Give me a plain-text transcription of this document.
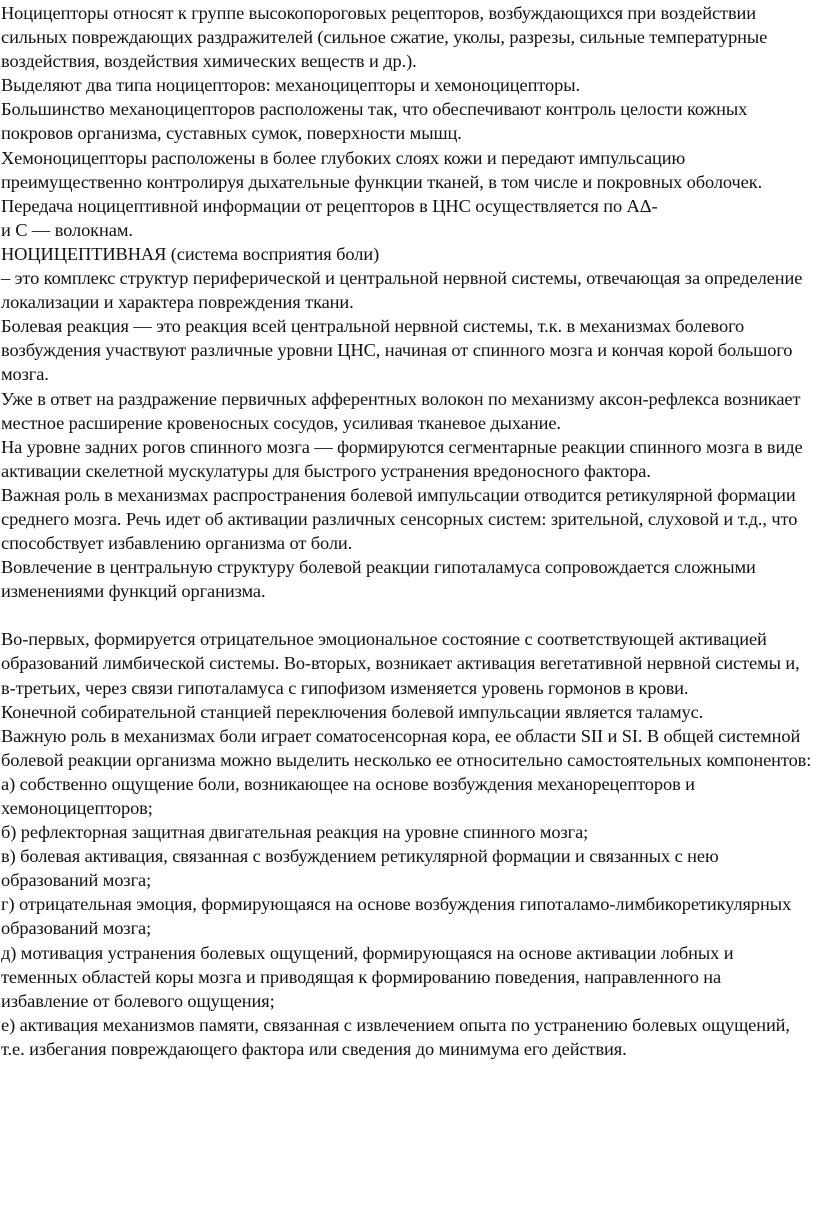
Ноцицепторы относят к группе высокопороговых рецепторов, возбуждающихся при воздействии сильных повреждающих раздражителей (сильное сжатие, уколы, разрезы, сильные температурные воздействия, воздействия химических веществ и др.).

Выделяют два типа ноцицепторов: механоцицепторы и хемоноцицепторы.

Большинство механоцицепторов расположены так, что обеспечивают контроль целости кожных покровов организма, суставных сумок, поверхности мышц.

Хемоноцицепторы расположены в более глубоких слоях кожи и передают импульсацию преимущественно контролируя дыхательные функции тканей, в том числе и покровных оболочек.

Передача ноцицептивной информации от рецепторов в ЦНС осуществляется по АΔ-
и С — волокнам.

НОЦИЦЕПТИВНАЯ (система восприятия боли)
– это комплекс структур периферической и центральной нервной системы, отвечающая за определение локализации и характера повреждения ткани.

Болевая реакция — это реакция всей центральной нервной системы, т.к. в механизмах болевого возбуждения участвуют различные уровни ЦНС, начиная от спинного мозга и кончая корой большого мозга.

Уже в ответ на раздражение первичных афферентных волокон по механизму аксон-рефлекса возникает местное расширение кровеносных сосудов, усиливая тканевое дыхание.

На уровне задних рогов спинного мозга — формируются сегментарные реакции спинного мозга в виде активации скелетной мускулатуры для быстрого устранения вредоносного фактора.

Важная роль в механизмах распространения болевой импульсации отводится ретикулярной формации среднего мозга. Речь идет об активации различных сенсорных систем: зрительной, слуховой и т.д., что способствует избавлению организма от боли.

Вовлечение в центральную структуру болевой реакции гипоталамуса сопровождается сложными изменениями функций организма.

Во-первых, формируется отрицательное эмоциональное состояние с соответствующей активацией образований лимбической системы. Во-вторых, возникает активация вегетативной нервной системы и, в-третьих, через связи гипоталамуса с гипофизом изменяется уровень гормонов в крови.

Конечной собирательной станцией переключения болевой импульсации является таламус.

Важную роль в механизмах боли играет соматосенсорная кора, ее области SII и SI. В общей системной болевой реакции организма можно выделить несколько ее относительно самостоятельных компонентов:

а) собственно ощущение боли, возникающее на основе возбуждения механорецепторов и хемоноцицепторов;

б) рефлекторная защитная двигательная реакция на уровне спинного мозга;

в) болевая активация, связанная с возбуждением ретикулярной формации и связанных с нею образований мозга;

г) отрицательная эмоция, формирующаяся на основе возбуждения гипоталамо-лимбикоретикулярных образований мозга;

д) мотивация устранения болевых ощущений, формирующаяся на основе активации лобных и теменных областей коры мозга и приводящая к формированию поведения, направленного на избавление от болевого ощущения;

е) активация механизмов памяти, связанная с извлечением опыта по устранению болевых ощущений, т.е. избегания повреждающего фактора или сведения до минимума его действия.
